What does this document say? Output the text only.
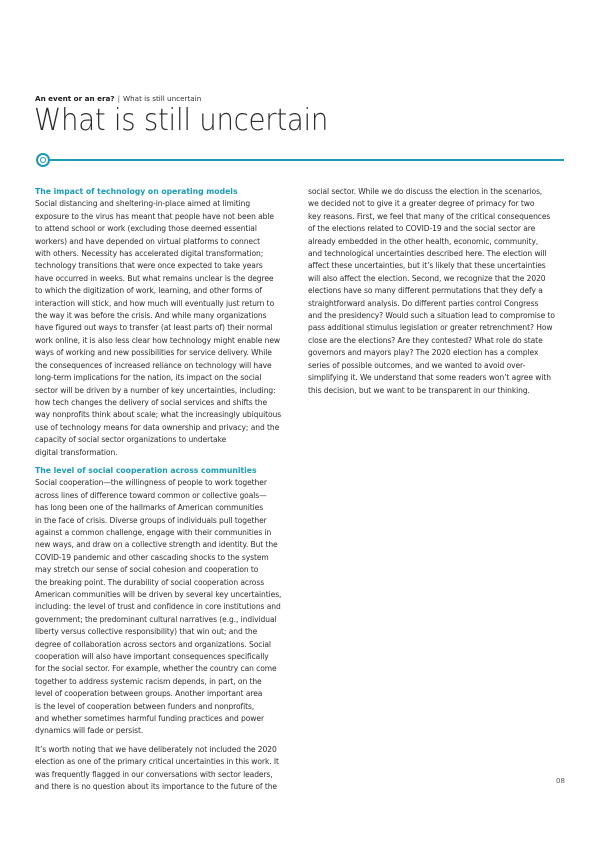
An event or an era? | What is still uncertain
What is still uncertain
The impact of technology on operating models

Social distancing and sheltering-in-place aimed at limiting
exposure to the virus has meant that people have not been able
to attend school or work (excluding those deemed essential
workers) and have depended on virtual platforms to connect
with others. Necessity has accelerated digital transformation;
technology transitions that were once expected to take years
have occurred in weeks. But what remains unclear is the degree
to which the digitization of work, learning, and other forms of
interaction will stick, and how much will eventually just return to
the way it was before the crisis. And while many organizations
have figured out ways to transfer (at least parts of) their normal
work online, it is also less clear how technology might enable new
ways of working and new possibilities for service delivery. While
the consequences of increased reliance on technology will have
long-term implications for the nation, its impact on the social
sector will be driven by a number of key uncertainties, including:
how tech changes the delivery of social services and shifts the
way nonprofits think about scale; what the increasingly ubiquitous
use of technology means for data ownership and privacy; and the
capacity of social sector organizations to undertake
digital transformation.

The level of social cooperation across communities

Social cooperation—the willingness of people to work together
across lines of difference toward common or collective goals—
has long been one of the hallmarks of American communities
in the face of crisis. Diverse groups of individuals pull together
against a common challenge, engage with their communities in
new ways, and draw on a collective strength and identity. But the
COVID-19 pandemic and other cascading shocks to the system
may stretch our sense of social cohesion and cooperation to
the breaking point. The durability of social cooperation across
American communities will be driven by several key uncertainties,
including: the level of trust and confidence in core institutions and
government; the predominant cultural narratives (e.g., individual
liberty versus collective responsibility) that win out; and the
degree of collaboration across sectors and organizations. Social
cooperation will also have important consequences specifically
for the social sector. For example, whether the country can come
together to address systemic racism depends, in part, on the
level of cooperation between groups. Another important area
is the level of cooperation between funders and nonprofits,
and whether sometimes harmful funding practices and power
dynamics will fade or persist.

It’s worth noting that we have deliberately not included the 2020
election as one of the primary critical uncertainties in this work. It
was frequently flagged in our conversations with sector leaders,
and there is no question about its importance to the future of the

social sector. While we do discuss the election in the scenarios,
we decided not to give it a greater degree of primacy for two
key reasons. First, we feel that many of the critical consequences
of the elections related to COVID-19 and the social sector are
already embedded in the other health, economic, community,
and technological uncertainties described here. The election will
affect these uncertainties, but it’s likely that these uncertainties
will also affect the election. Second, we recognize that the 2020
elections have so many different permutations that they defy a
straightforward analysis. Do different parties control Congress
and the presidency? Would such a situation lead to compromise to
pass additional stimulus legislation or greater retrenchment? How
close are the elections? Are they contested? What role do state
governors and mayors play? The 2020 election has a complex
series of possible outcomes, and we wanted to avoid over-
simplifying it. We understand that some readers won’t agree with
this decision, but we want to be transparent in our thinking.

08
